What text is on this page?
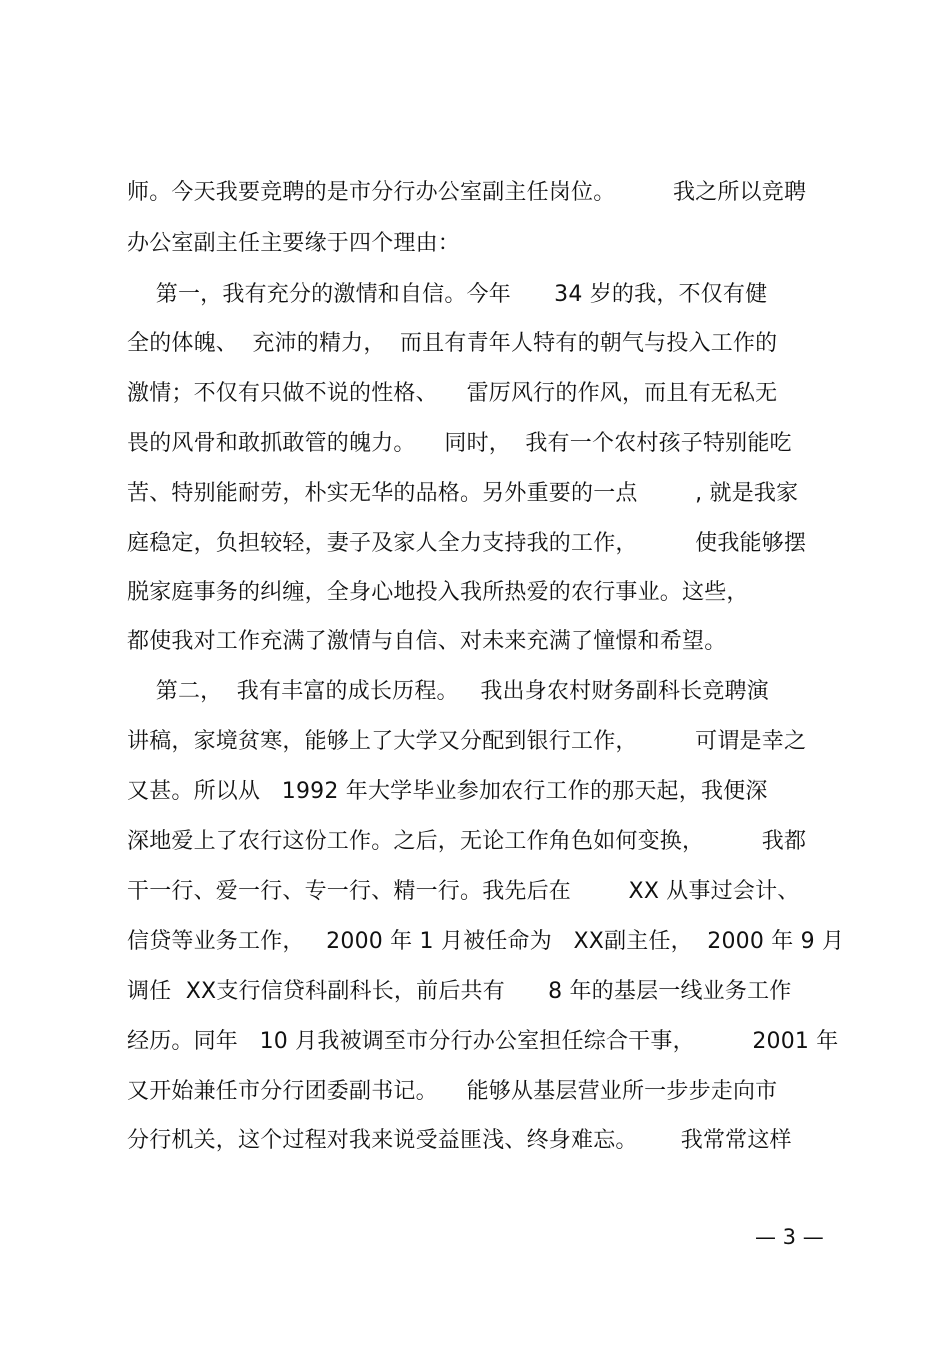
师。今天我要竞聘的是市分行办公室副主任岗位。        我之所以竞聘
办公室副主任主要缘于四个理由：
第一，我有充分的激情和自信。今年      34 岁的我，不仅有健
全的体魄、  充沛的精力，  而且有青年人特有的朝气与投入工作的
激情；不仅有只做不说的性格、    雷厉风行的作风，而且有无私无
畏的风骨和敢抓敢管的魄力。    同时，  我有一个农村孩子特别能吃
苦、特别能耐劳，朴实无华的品格。另外重要的一点        , 就是我家
庭稳定，负担较轻，妻子及家人全力支持我的工作，        使我能够摆
脱家庭事务的纠缠，全身心地投入我所热爱的农行事业。这些，
都使我对工作充满了激情与自信、对未来充满了憧憬和希望。
第二，  我有丰富的成长历程。   我出身农村财务副科长竞聘演
讲稿，家境贫寒，能够上了大学又分配到银行工作，        可谓是幸之
又甚。所以从   1992 年大学毕业参加农行工作的那天起，我便深
深地爱上了农行这份工作。之后，无论工作角色如何变换，        我都
干一行、爱一行、专一行、精一行。我先后在        XX 从事过会计、
信贷等业务工作，   2000 年 1 月被任命为   XX副主任，  2000 年 9 月
调任  XX支行信贷科副科长，前后共有      8 年的基层一线业务工作
经历。同年   10 月我被调至市分行办公室担任综合干事，        2001 年
又开始兼任市分行团委副书记。    能够从基层营业所一步步走向市
分行机关，这个过程对我来说受益匪浅、终身难忘。      我常常这样
— 3 —
